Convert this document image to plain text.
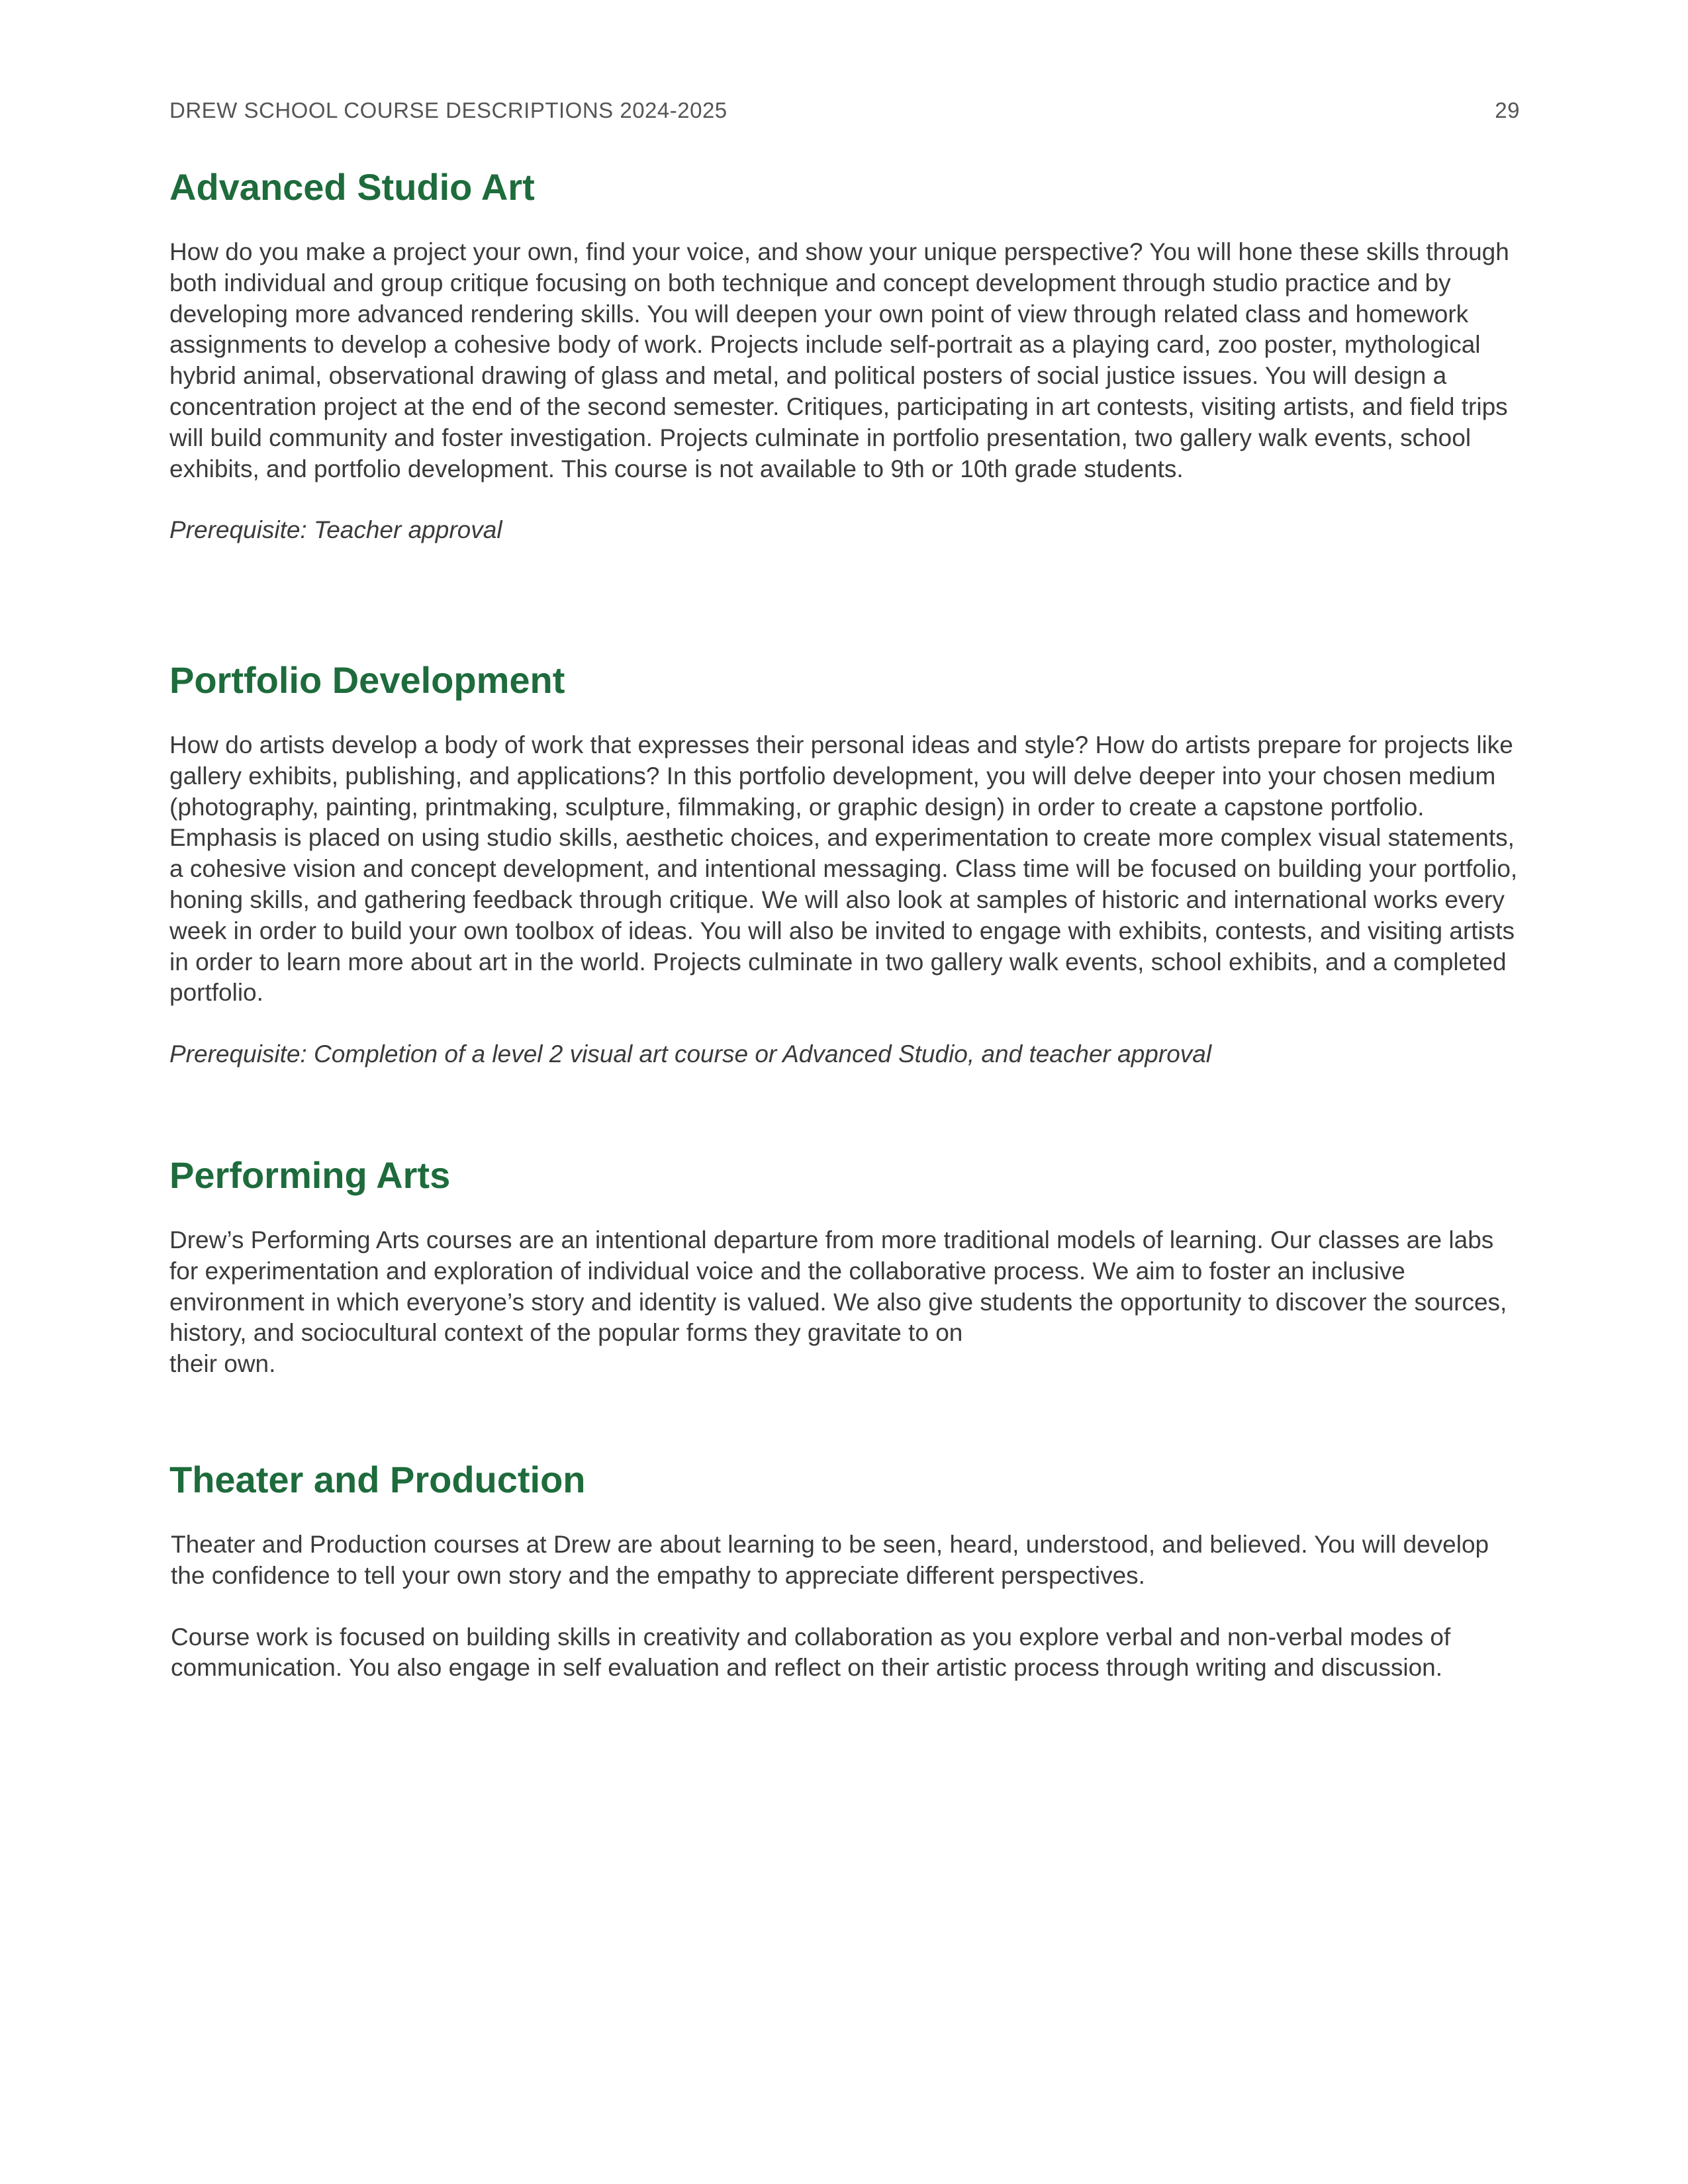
DREW SCHOOL COURSE DESCRIPTIONS 2024-2025	29
Advanced Studio Art

How do you make a project your own, find your voice, and show your unique perspective? You will hone these skills through both individual and group critique focusing on both technique and concept development through studio practice and by developing more advanced rendering skills. You will deepen your own point of view through related class and homework assignments to develop a cohesive body of work. Projects include self-portrait as a playing card, zoo poster, mythological hybrid animal, observational drawing of glass and metal, and political posters of social justice issues. You will design a concentration project at the end of the second semester. Critiques, participating in art contests, visiting artists, and field trips will build community and foster investigation. Projects culminate in portfolio presentation, two gallery walk events, school exhibits, and portfolio development. This course is not available to 9th or 10th grade students.

Prerequisite: Teacher approval

Portfolio Development

How do artists develop a body of work that expresses their personal ideas and style? How do artists prepare for projects like gallery exhibits, publishing, and applications? In this portfolio development, you will delve deeper into your chosen medium (photography, painting, printmaking, sculpture, filmmaking, or graphic design) in order to create a capstone portfolio. Emphasis is placed on using studio skills, aesthetic choices, and experimentation to create more complex visual statements, a cohesive vision and concept development, and intentional messaging. Class time will be focused on building your portfolio, honing skills, and gathering feedback through critique. We will also look at samples of historic and international works every week in order to build your own toolbox of ideas. You will also be invited to engage with exhibits, contests, and visiting artists in order to learn more about art in the world. Projects culminate in two gallery walk events, school exhibits, and a completed portfolio.

Prerequisite: Completion of a level 2 visual art course or Advanced Studio, and teacher approval

Performing Arts

Drew’s Performing Arts courses are an intentional departure from more traditional models of learning. Our classes are labs for experimentation and exploration of individual voice and the collaborative process. We aim to foster an inclusive environment in which everyone’s story and identity is valued. We also give students the opportunity to discover the sources, history, and sociocultural context of the popular forms they gravitate to on

their own.

Theater and Production

Theater and Production courses at Drew are about learning to be seen, heard, understood, and believed. You will develop the confidence to tell your own story and the empathy to appreciate different perspectives.

Course work is focused on building skills in creativity and collaboration as you explore verbal and non-verbal modes of communication. You also engage in self evaluation and reflect on their artistic process through writing and discussion.
